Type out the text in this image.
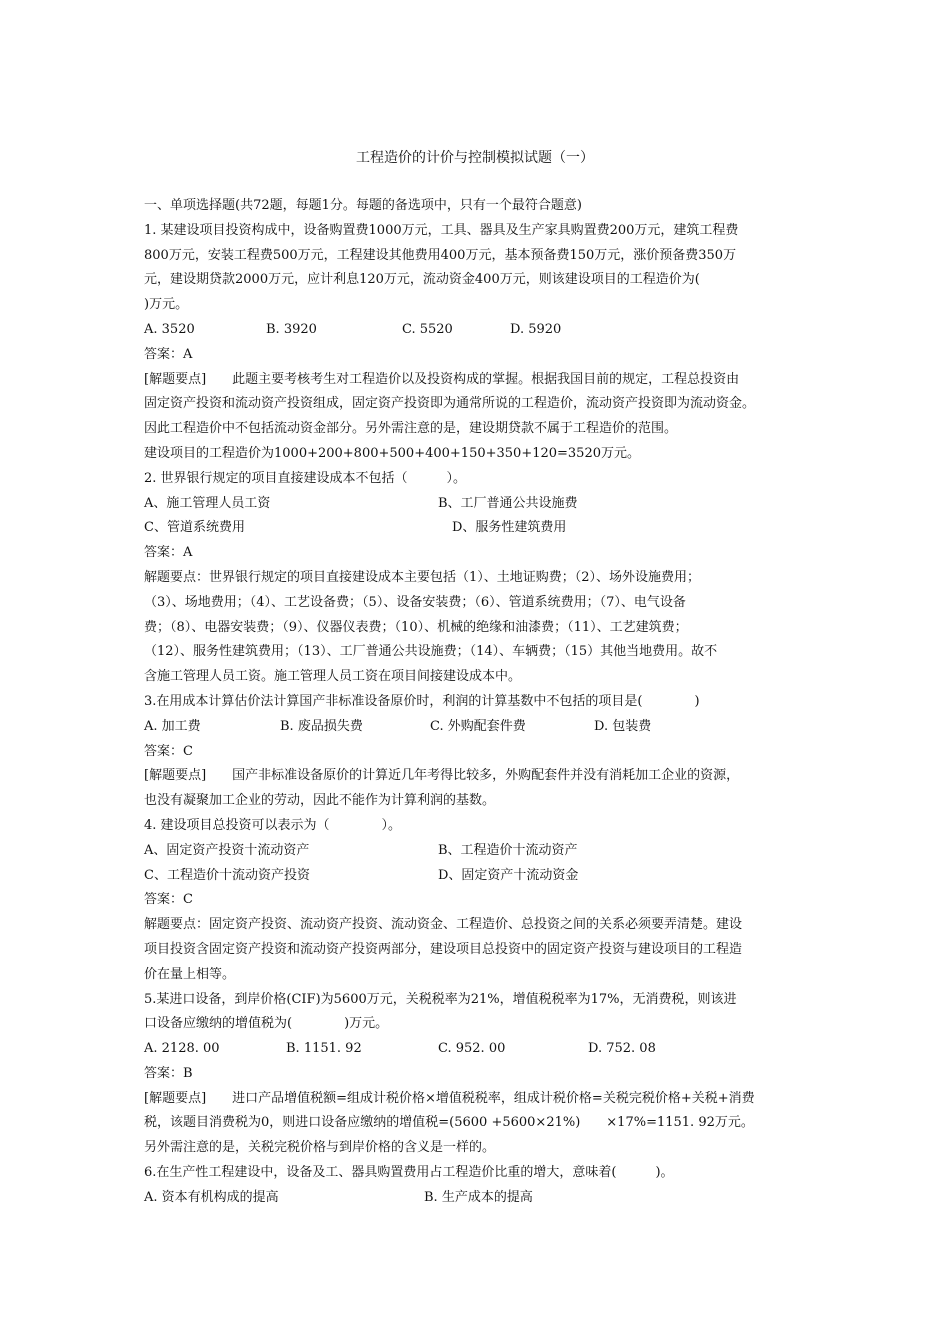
工程造价的计价与控制模拟试题（一）
一、单项选择题(共72题，每题1分。每题的备选项中，只有一个最符合题意)
1. 某建设项目投资构成中，设备购置费1000万元，工具、器具及生产家具购置费200万元，建筑工程费
800万元，安装工程费500万元，工程建设其他费用400万元，基本预备费150万元，涨价预备费350万
元，建设期贷款2000万元，应计利息120万元，流动资金400万元，则该建设项目的工程造价为(
)万元。
A. 3520	B. 3920	C. 5520	D. 5920
答案：A
[解题要点]　　此题主要考核考生对工程造价以及投资构成的掌握。根据我国目前的规定，工程总投资由
固定资产投资和流动资产投资组成，固定资产投资即为通常所说的工程造价，流动资产投资即为流动资金。
因此工程造价中不包括流动资金部分。另外需注意的是，建设期贷款不属于工程造价的范围。
建设项目的工程造价为1000+200+800+500+400+150+350+120=3520万元。
2. 世界银行规定的项目直接建设成本不包括（　　　）。
A、施工管理人员工资	B、工厂普通公共设施费
C、管道系统费用	D、服务性建筑费用
答案：A
解题要点：世界银行规定的项目直接建设成本主要包括（1）、土地证购费；（2）、场外设施费用；
（3）、场地费用；（4）、工艺设备费；（5）、设备安装费；（6）、管道系统费用；（7）、电气设备
费；（8）、电器安装费；（9）、仪器仪表费；（10）、机械的绝缘和油漆费；（11）、工艺建筑费；
（12）、服务性建筑费用；（13）、工厂普通公共设施费；（14）、车辆费；（15）其他当地费用。故不
含施工管理人员工资。施工管理人员工资在项目间接建设成本中。
3.在用成本计算估价法计算国产非标准设备原价时，利润的计算基数中不包括的项目是(　　　　)
A. 加工费	B. 废品损失费	C. 外购配套件费	D. 包装费
答案：C
[解题要点]　　国产非标准设备原价的计算近几年考得比较多，外购配套件并没有消耗加工企业的资源，
也没有凝聚加工企业的劳动，因此不能作为计算利润的基数。
4. 建设项目总投资可以表示为（　　　　）。
A、固定资产投资十流动资产	B、工程造价十流动资产
C、工程造价十流动资产投资	D、固定资产十流动资金
答案：C
解题要点：固定资产投资、流动资产投资、流动资金、工程造价、总投资之间的关系必须要弄清楚。建设
项目投资含固定资产投资和流动资产投资两部分，建设项目总投资中的固定资产投资与建设项目的工程造
价在量上相等。
5.某进口设备，到岸价格(CIF)为5600万元，关税税率为21%，增值税税率为17%，无消费税，则该进
口设备应缴纳的增值税为(　　　　)万元。
A. 2128. 00	B. 1151. 92	C. 952. 00	D. 752. 08
答案：B
[解题要点]　　进口产品增值税额=组成计税价格×增值税税率，组成计税价格=关税完税价格+关税+消费
税，该题目消费税为0，则进口设备应缴纳的增值税=(5600 +5600×21%)　　×17%=1151. 92万元。
另外需注意的是，关税完税价格与到岸价格的含义是一样的。
6.在生产性工程建设中，设备及工、器具购置费用占工程造价比重的增大，意味着(　　　)。
A. 资本有机构成的提高	B. 生产成本的提高
